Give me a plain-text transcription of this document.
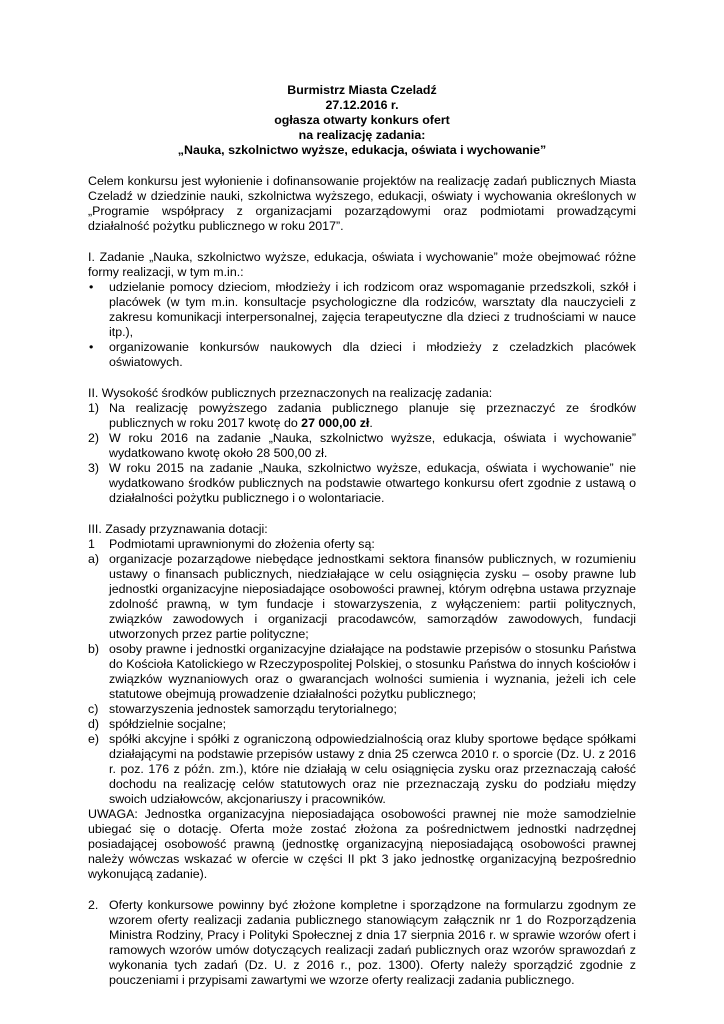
Burmistrz Miasta Czeladź
27.12.2016 r.
ogłasza otwarty konkurs ofert
na realizację zadania:
„Nauka, szkolnictwo wyższe, edukacja, oświata i wychowanie”

Celem konkursu jest wyłonienie i dofinansowanie projektów na realizację zadań publicznych Miasta Czeladź w dziedzinie nauki, szkolnictwa wyższego, edukacji, oświaty i wychowania określonych w „Programie współpracy z organizacjami pozarządowymi oraz podmiotami prowadzącymi działalność pożytku publicznego w roku 2017”.

I. Zadanie „Nauka, szkolnictwo wyższe, edukacja, oświata i wychowanie” może obejmować różne formy realizacji, w tym m.in.:

• udzielanie pomocy dzieciom, młodzieży i ich rodzicom oraz wspomaganie przedszkoli, szkół i placówek (w tym m.in. konsultacje psychologiczne dla rodziców, warsztaty dla nauczycieli z zakresu komunikacji interpersonalnej, zajęcia terapeutyczne dla dzieci z trudnościami w nauce itp.),
• organizowanie konkursów naukowych dla dzieci i młodzieży z czeladzkich placówek oświatowych.

II. Wysokość środków publicznych przeznaczonych na realizację zadania:

1) Na realizację powyższego zadania publicznego planuje się przeznaczyć ze środków publicznych w roku 2017 kwotę do 27 000,00 zł.
2) W roku 2016 na zadanie „Nauka, szkolnictwo wyższe, edukacja, oświata i wychowanie” wydatkowano kwotę około 28 500,00 zł.
3) W roku 2015 na zadanie „Nauka, szkolnictwo wyższe, edukacja, oświata i wychowanie” nie wydatkowano środków publicznych na podstawie otwartego konkursu ofert zgodnie z ustawą o działalności pożytku publicznego i o wolontariacie.

III. Zasady przyznawania dotacji:

1 Podmiotami uprawnionymi do złożenia oferty są:
a) organizacje pozarządowe niebędące jednostkami sektora finansów publicznych, w rozumieniu ustawy o finansach publicznych, niedziałające w celu osiągnięcia zysku – osoby prawne lub jednostki organizacyjne nieposiadające osobowości prawnej, którym odrębna ustawa przyznaje zdolność prawną, w tym fundacje i stowarzyszenia, z wyłączeniem: partii politycznych, związków zawodowych i organizacji pracodawców, samorządów zawodowych, fundacji utworzonych przez partie polityczne;
b) osoby prawne i jednostki organizacyjne działające na podstawie przepisów o stosunku Państwa do Kościoła Katolickiego w Rzeczypospolitej Polskiej, o stosunku Państwa do innych kościołów i związków wyznaniowych oraz o gwarancjach wolności sumienia i wyznania, jeżeli ich cele statutowe obejmują prowadzenie działalności pożytku publicznego;
c) stowarzyszenia jednostek samorządu terytorialnego;
d) spółdzielnie socjalne;
e) spółki akcyjne i spółki z ograniczoną odpowiedzialnością oraz kluby sportowe będące spółkami działającymi na podstawie przepisów ustawy z dnia 25 czerwca 2010 r. o sporcie (Dz. U. z 2016 r. poz. 176 z późn. zm.), które nie działają w celu osiągnięcia zysku oraz przeznaczają całość dochodu na realizację celów statutowych oraz nie przeznaczają zysku do podziału między swoich udziałowców, akcjonariuszy i pracowników.

UWAGA: Jednostka organizacyjna nieposiadająca osobowości prawnej nie może samodzielnie ubiegać się o dotację. Oferta może zostać złożona za pośrednictwem jednostki nadrzędnej posiadającej osobowość prawną (jednostkę organizacyjną nieposiadającą osobowości prawnej należy wówczas wskazać w ofercie w części II pkt 3 jako jednostkę organizacyjną bezpośrednio wykonującą zadanie).

2. Oferty konkursowe powinny być złożone kompletne i sporządzone na formularzu zgodnym ze wzorem oferty realizacji zadania publicznego stanowiącym załącznik nr 1 do Rozporządzenia Ministra Rodziny, Pracy i Polityki Społecznej z dnia 17 sierpnia 2016 r. w sprawie wzorów ofert i ramowych wzorów umów dotyczących realizacji zadań publicznych oraz wzorów sprawozdań z wykonania tych zadań (Dz. U. z 2016 r., poz. 1300). Oferty należy sporządzić zgodnie z pouczeniami i przypisami zawartymi we wzorze oferty realizacji zadania publicznego.
